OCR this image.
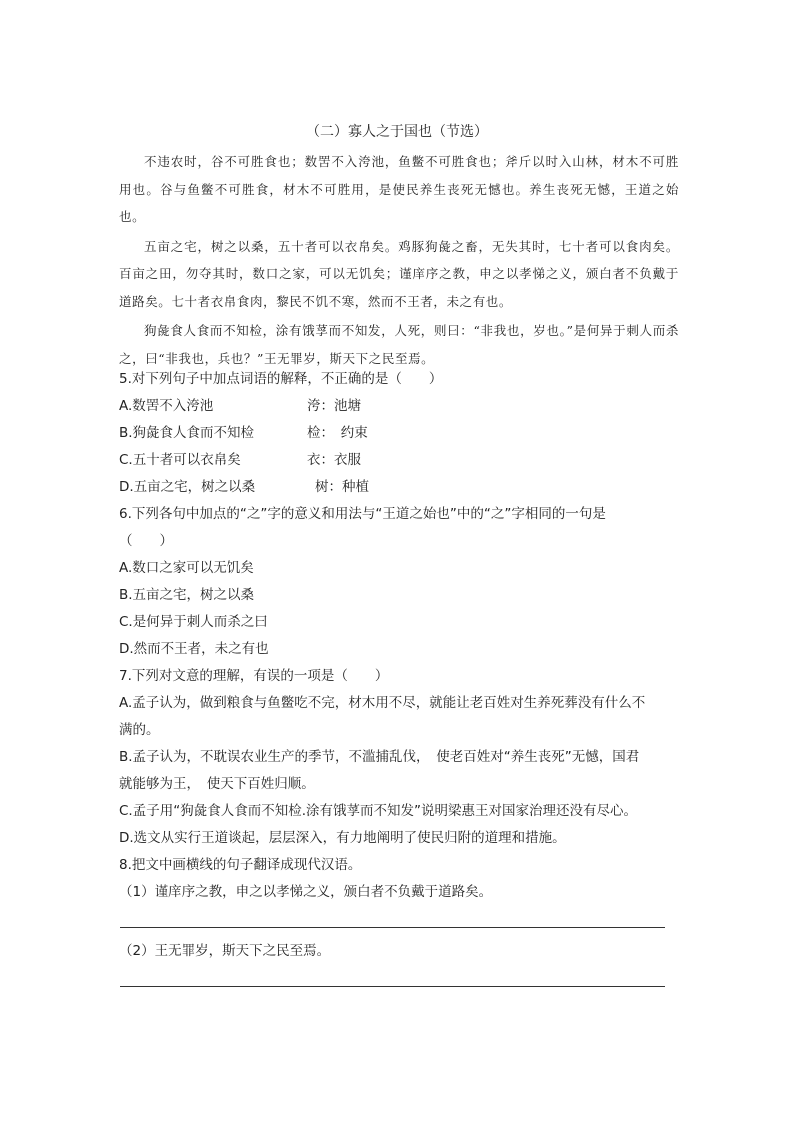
（二）寡人之于国也（节选）

不违农时，谷不可胜食也；数罟不入洿池，鱼鳖不可胜食也；斧斤以时入山林，材木不可胜用也。谷与鱼鳖不可胜食，材木不可胜用，是使民养生丧死无憾也。养生丧死无憾，王道之始也。

五亩之宅，树之以桑，五十者可以衣帛矣。鸡豚狗彘之畜，无失其时，七十者可以食肉矣。百亩之田，勿夺其时，数口之家，可以无饥矣；谨庠序之教，申之以孝悌之义，颁白者不负戴于道路矣。七十者衣帛食肉，黎民不饥不寒，然而不王者，未之有也。

狗彘食人食而不知检，涂有饿莩而不知发，人死，则曰：“非我也，岁也。”是何异于刺人而杀之，曰“非我也，兵也？”王无罪岁，斯天下之民至焉。

5.对下列句子中加点词语的解释，不正确的是（　　）
A.数罟不入洿池	洿：池塘
B.狗彘食人食而不知检	检：　约束
C.五十者可以衣帛矣	衣：衣服
D.五亩之宅，树之以桑	树：种植
6.下列各句中加点的“之”字的意义和用法与“王道之始也”中的“之”字相同的一句是
（　　）
A.数口之家可以无饥矣
B.五亩之宅，树之以桑
C.是何异于刺人而杀之曰
D.然而不王者，未之有也
7.下列对文意的理解，有误的一项是（　　）
A.孟子认为，做到粮食与鱼鳖吃不完，材木用不尽，就能让老百姓对生养死葬没有什么不
满的。
B.孟子认为，不耽误农业生产的季节，不滥捕乱伐，　使老百姓对“养生丧死”无憾，国君
就能够为王，　使天下百姓归顺。
C.孟子用“狗彘食人食而不知检.涂有饿莩而不知发”说明梁惠王对国家治理还没有尽心。
D.选文从实行王道谈起，层层深入，有力地阐明了使民归附的道理和措施。
8.把文中画横线的句子翻译成现代汉语。
（1）谨庠序之教，申之以孝悌之义，颁白者不负戴于道路矣。
（2）王无罪岁，斯天下之民至焉。
